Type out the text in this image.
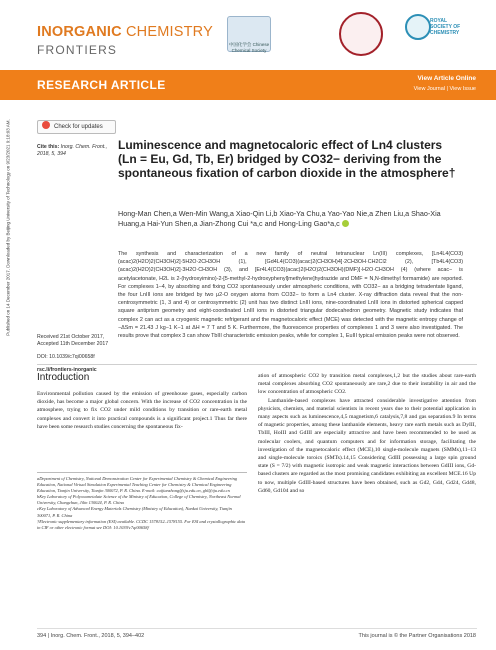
INORGANIC CHEMISTRY
FRONTIERS	中国化学会 Chinese Chemical Society
ROYAL SOCIETY OF CHEMISTRY
RESEARCH ARTICLE	View Article Online
View Journal | View Issue
Published on 14 December 2017. Downloaded by Beijing University of Technology on 9/23/2021 9:18:03 AM.	Check for updates
Cite this: Inorg. Chem. Front., 2018, 5, 394
Received 21st October 2017,
Accepted 11th December 2017
DOI: 10.1039/c7qi00658f
rsc.li/frontiers-inorganic
Luminescence and magnetocaloric effect of Ln4 clusters (Ln = Eu, Gd, Tb, Er) bridged by CO32− deriving from the spontaneous fixation of carbon dioxide in the atmosphere†
Hong-Man Chen,a Wen-Min Wang,a Xiao-Qin Li,b Xiao-Ya Chu,a Yao-Yao Nie,a Zhen Liu,a Shao-Xia Huang,a Hai-Yun Shen,a Jian-Zhong Cui *a,c and Hong-Ling Gao*a,c
The synthesis and characterization of a new family of neutral tetranuclear Ln(III) complexes, [Ln4L4(CO3)(acac)2(H2O)2(CH3OH)2]·5H2O·2CH3OH (1), [Gd4L4(CO3)(acac)2(CH3OH)4]·2CH3OH·CH2Cl2 (2), [Tb4L4(CO3)(acac)2(H2O)2(CH3OH)2]·3H2O·CH3OH (3), and [Er4L4(CO3)(acac)2(H2O)2(CH3OH)(DMF)]·H2O·CH3OH (4) (where acac− is acetylacetonate, H2L is 2-(hydroxyimino)-2-[5-methyl-2-hydroxyphenyl]methylene]hydrazide and DMF = N,N-dimethyl formamide) are reported. For complexes 1–4, by absorbing and fixing CO2 spontaneously under atmospheric conditions, with CO32− as a bridging tetradentate ligand, the four LnIII ions are bridged by two μ2-O oxygen atoms from CO32− to form a Ln4 cluster. X-ray diffraction data reveal that the non-centrosymmetric (1, 3 and 4) or centrosymmetric (2) unit has two distinct LnIII ions, nine-coordinated LnIII ions in distorted spherical capped square antiprism geometry and eight-coordinated LnIII ions in distorted triangular dodecahedron geometry. Magnetic study indicates that complex 2 can act as a cryogenic magnetic refrigerant and the magnetocaloric effect (MCE) was detected with the magnetic entropy change of −ΔSm = 21.43 J kg−1 K−1 at ΔH = 7 T and 5 K. Furthermore, the fluorescence properties of complexes 1 and 3 were also investigated. The results prove that complex 3 can show TbIII characteristic emission peaks, while for complex 1, EuIII typical emission peaks were not observed.
Introduction

Environmental pollution caused by the emission of greenhouse gases, especially carbon dioxide, has become a major global concern. With the increase of CO2 concentration in the atmosphere, trying to fix CO2 under mild conditions by transition or rare-earth metal complexes and convert it into practical compounds is a significant project.1 Thus far there have been some research studies concerning the spontaneous fix-

ation of atmospheric CO2 by transition metal complexes,1,2 but the studies about rare-earth metal complexes absorbing CO2 spontaneously are rare,2 due to their instability in air and the low concentration of atmospheric CO2.

Lanthanide-based complexes have attracted considerable investigative attention from physicists, chemists, and material scientists in recent years due to their potential application in many aspects such as luminescence,4,5 magnetism,6 catalysis,7,8 and gas separation.9 In terms of magnetic properties, among these lanthanide elements, heavy rare earth metals such as DyIII, TbIII, HoIII and GdIII are especially attractive and have been recommended to be used as molecular coolers, and quantum computers and for information storage, facilitating the investigation of the magnetocaloric effect (MCE),10 single-molecule magnets (SMMs),11–13 and single-molecule toroics (SMTs).14,15 Considering GdIII possessing a large spin ground state (S = 7/2) with magnetic isotropic and weak magnetic interactions between GdIII ions, Gd-based clusters are regarded as the most promising candidates exhibiting an excellent MCE.16 Up to now, multiple GdIII-based structures have been obtained, such as Gd2, Gd4, Gd24, Gd48, Gd60, Gd104 and so

aDepartment of Chemistry, National Demonstration Center for Experimental Chemistry & Chemical Engineering Education, National Virtual Simulation Experimental Teaching Center for Chemistry & Chemical Engineering Education, Tianjin University, Tianjin 300072, P. R. China. E-mail: cuijianzhong@tju.edu.cn, ghl@tju.edu.cn

bKey Laboratory of Polyoxometalate Science of the Ministry of Education, College of Chemistry, Northeast Normal University, Changchun, Jilin 130024, P. R. China

cKey Laboratory of Advanced Energy Materials Chemistry (Ministry of Education), Nankai University, Tianjin 300071, P. R. China

†Electronic supplementary information (ESI) available. CCDC 1578152–1578155. For ESI and crystallographic data in CIF or other electronic format see DOI: 10.1039/c7qi00658f

394 | Inorg. Chem. Front., 2018, 5, 394–402	This journal is © the Partner Organisations 2018
